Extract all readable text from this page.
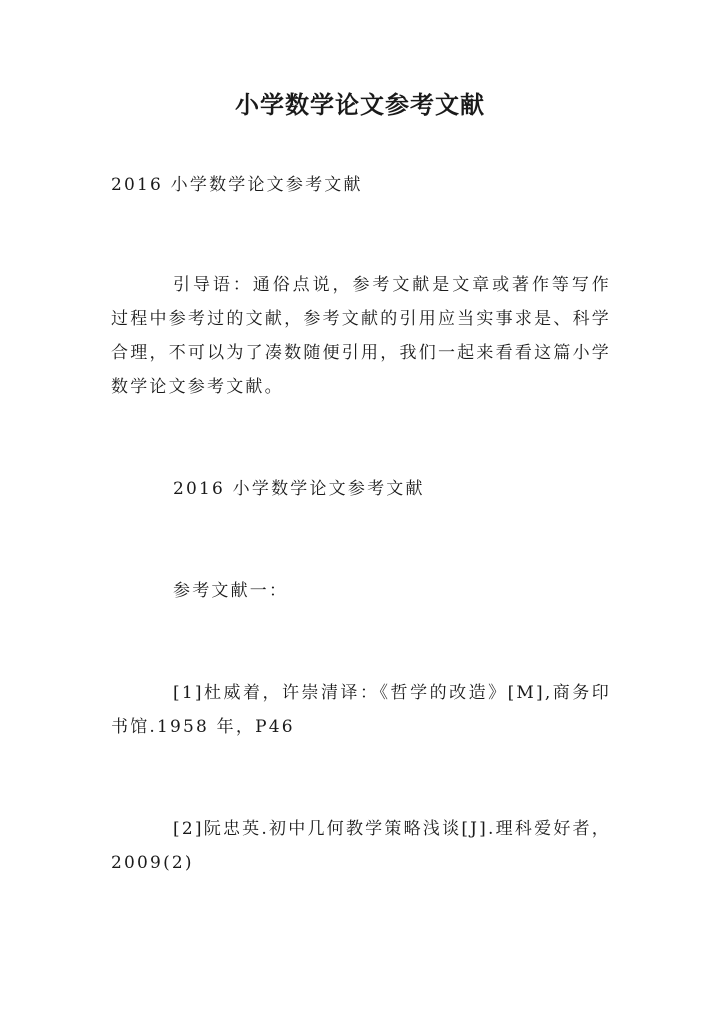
小学数学论文参考文献
2016 小学数学论文参考文献
引导语：通俗点说，参考文献是文章或著作等写作过程中参考过的文献，参考文献的引用应当实事求是、科学合理，不可以为了凑数随便引用，我们一起来看看这篇小学数学论文参考文献。
2016 小学数学论文参考文献
参考文献一：
[1]杜威着，许崇清译：《哲学的改造》[M],商务印书馆.1958 年，P46
[2]阮忠英.初中几何教学策略浅谈[J].理科爱好者，2009(2)
